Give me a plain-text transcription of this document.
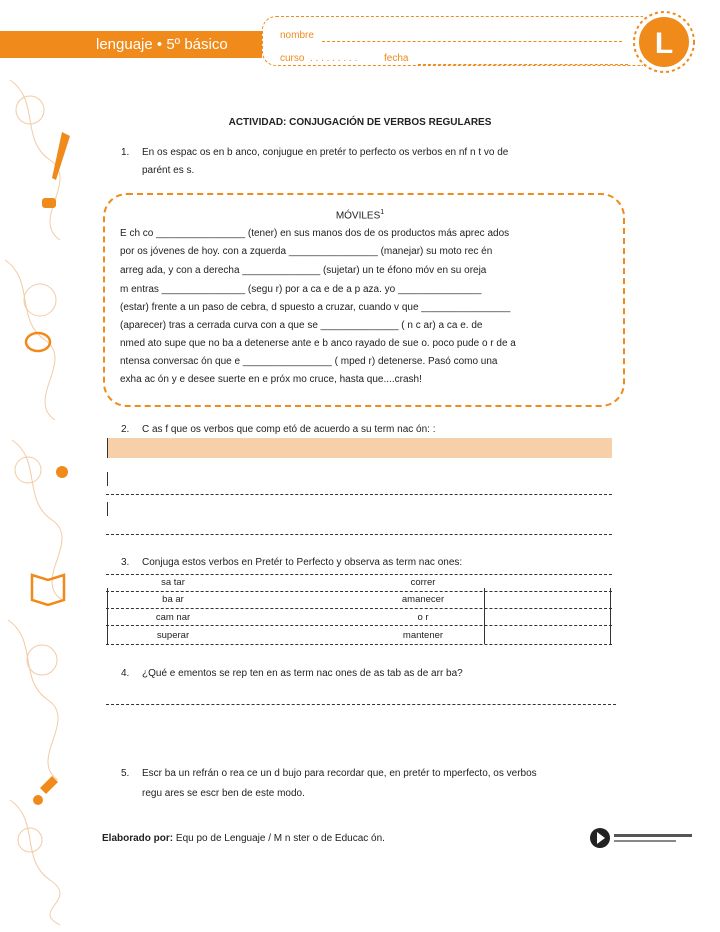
lenguaje • 5º básico
nombre
curso . . . . . . . . .	fecha	L
ACTIVIDAD: CONJUGACIÓN DE VERBOS REGULARES
1. En os espac os en b anco, conjugue en pretér to perfecto os verbos en nf n t vo de
parént es s.
MÓVILES$^1$
E ch co ________________ (tener) en sus manos dos de os productos más aprec ados
por os jóvenes de hoy. con a zquerda ________________ (manejar) su moto rec én
arreg ada, y con a derecha ______________ (sujetar) un te éfono móv en su oreja
m entras _______________ (segu r) por a ca e de a p aza. yo _______________
(estar) frente a un paso de cebra, d spuesto a cruzar, cuando v que ________________
(aparecer) tras a cerrada curva con a que se ______________ ( n c ar) a ca e. de
nmed ato supe que no ba a detenerse ante e b anco rayado de sue o. poco pude o r de a
ntensa conversac ón que e ________________ ( mped r) detenerse. Pasó como una
exha ac ón y e desee suerte en e próx mo cruce, hasta que....crash!
2. C as f que os verbos que comp etó de acuerdo a su term nac ón: :
3. Conjuga estos verbos en Pretér to Perfecto y observa as term nac ones:
sa tar
ba ar
cam nar
superar
correr
amanecer
o r
mantener
4. ¿Qué e ementos se rep ten en as term nac ones de as tab as de arr ba?
5. Escr ba un refrán o rea ce un d bujo para recordar que, en pretér to mperfecto, os verbos
regu ares se escr ben de este modo.
Elaborado por: Equ po de Lenguaje / M n ster o de Educac ón.
